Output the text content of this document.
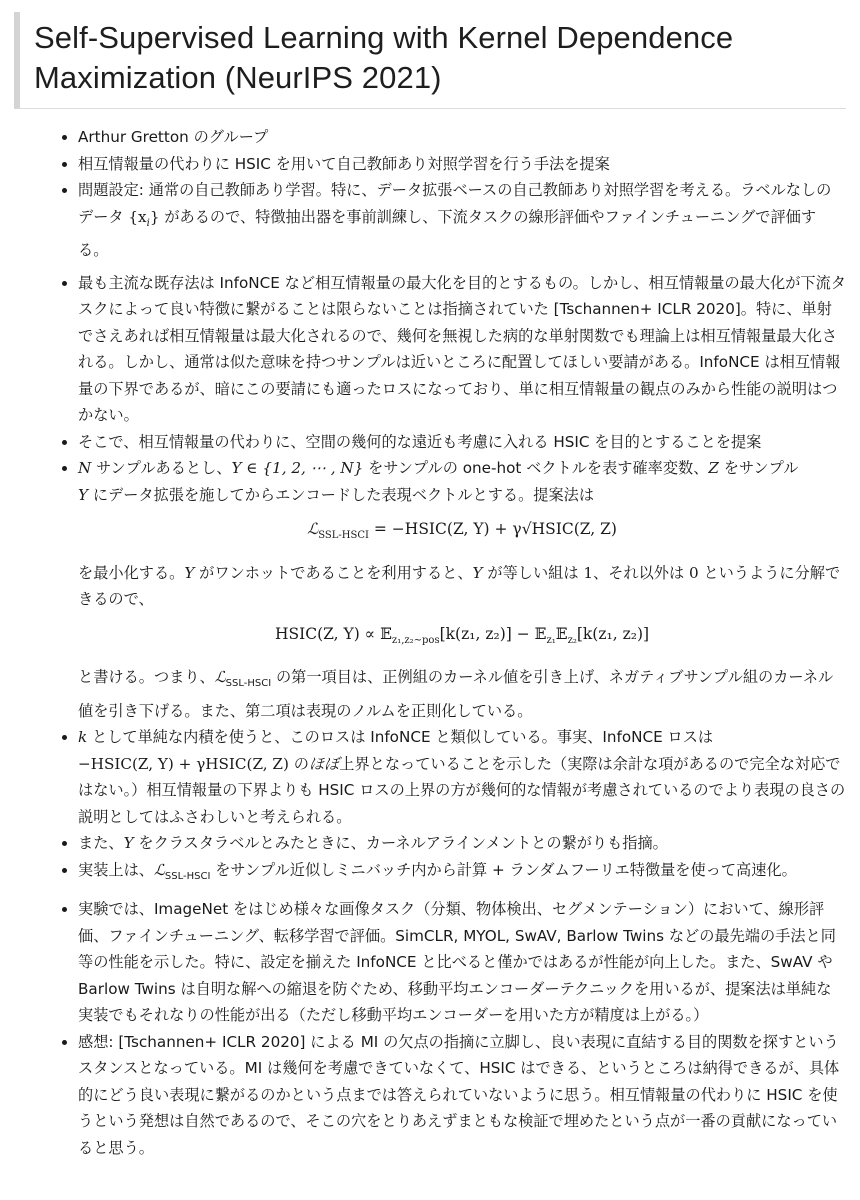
Self-Supervised Learning with Kernel Dependence Maximization (NeurIPS 2021)
• Arthur Gretton のグループ
• 相互情報量の代わりに HSIC を用いて自己教師あり対照学習を行う手法を提案
• 問題設定: 通常の自己教師あり学習。特に、データ拡張ベースの自己教師あり対照学習を考える。ラベルなしのデータ $\{x_i\}$ があるので、特徴抽出器を事前訓練し、下流タスクの線形評価やファインチューニングで評価する。
• 最も主流な既存法は InfoNCE など相互情報量の最大化を目的とするもの。しかし、相互情報量の最大化が下流タスクによって良い特徴に繋がることは限らないことは指摘されていた [Tschannen+ ICLR 2020]。特に、単射でさえあれば相互情報量は最大化されるので、幾何を無視した病的な単射関数でも理論上は相互情報量最大化される。しかし、通常は似た意味を持つサンプルは近いところに配置してほしい要請がある。InfoNCE は相互情報量の下界であるが、暗にこの要請にも適ったロスになっており、単に相互情報量の観点のみから性能の説明はつかない。
• そこで、相互情報量の代わりに、空間の幾何的な遠近も考慮に入れる HSIC を目的とすることを提案
• N サンプルあるとし、Y ∈ {1, 2, ⋯ , N} をサンプルの one-hot ベクトルを表す確率変数、Z をサンプル
Y にデータ拡張を施してからエンコードした表現ベクトルとする。提案法は
ℒ$_{SSL-HSCI}$ = −HSIC(Z, Y) + γ√HSIC(Z, Z)
を最小化する。Y がワンホットであることを利用すると、Y が等しい組は 1、それ以外は 0 というように分解できるので、
HSIC(Z, Y) ∝ 𝔼$_{z_1,z_2\sim pos}$[k(z₁, z₂)] − 𝔼$_{z_1}$𝔼$_{z_2}$[k(z₁, z₂)]
と書ける。つまり、ℒ$_{SSL-HSCI}$ の第一項目は、正例組のカーネル値を引き上げ、ネガティブサンプル組のカーネル値を引き下げる。また、第二項は表現のノルムを正則化している。
• k として単純な内積を使うと、このロスは InfoNCE と類似している。事実、InfoNCE ロスは
−HSIC(Z, Y) + γHSIC(Z, Z) のほぼ上界となっていることを示した（実際は余計な項があるので完全な対応ではない。）相互情報量の下界よりも HSIC ロスの上界の方が幾何的な情報が考慮されているのでより表現の良さの説明としてはふさわしいと考えられる。
• また、Y をクラスタラベルとみたときに、カーネルアラインメントとの繋がりも指摘。
• 実装上は、ℒ$_{SSL-HSCI}$ をサンプル近似しミニバッチ内から計算 + ランダムフーリエ特徴量を使って高速化。
• 実験では、ImageNet をはじめ様々な画像タスク（分類、物体検出、セグメンテーション）において、線形評価、ファインチューニング、転移学習で評価。SimCLR, MYOL, SwAV, Barlow Twins などの最先端の手法と同等の性能を示した。特に、設定を揃えた InfoNCE と比べると僅かではあるが性能が向上した。また、SwAV や Barlow Twins は自明な解への縮退を防ぐため、移動平均エンコーダーテクニックを用いるが、提案法は単純な実装でもそれなりの性能が出る（ただし移動平均エンコーダーを用いた方が精度は上がる。）
• 感想: [Tschannen+ ICLR 2020] による MI の欠点の指摘に立脚し、良い表現に直結する目的関数を探すというスタンスとなっている。MI は幾何を考慮できていなくて、HSIC はできる、というところは納得できるが、具体的にどう良い表現に繋がるのかという点までは答えられていないように思う。相互情報量の代わりに HSIC を使うという発想は自然であるので、そこの穴をとりあえずまともな検証で埋めたという点が一番の貢献になっていると思う。
